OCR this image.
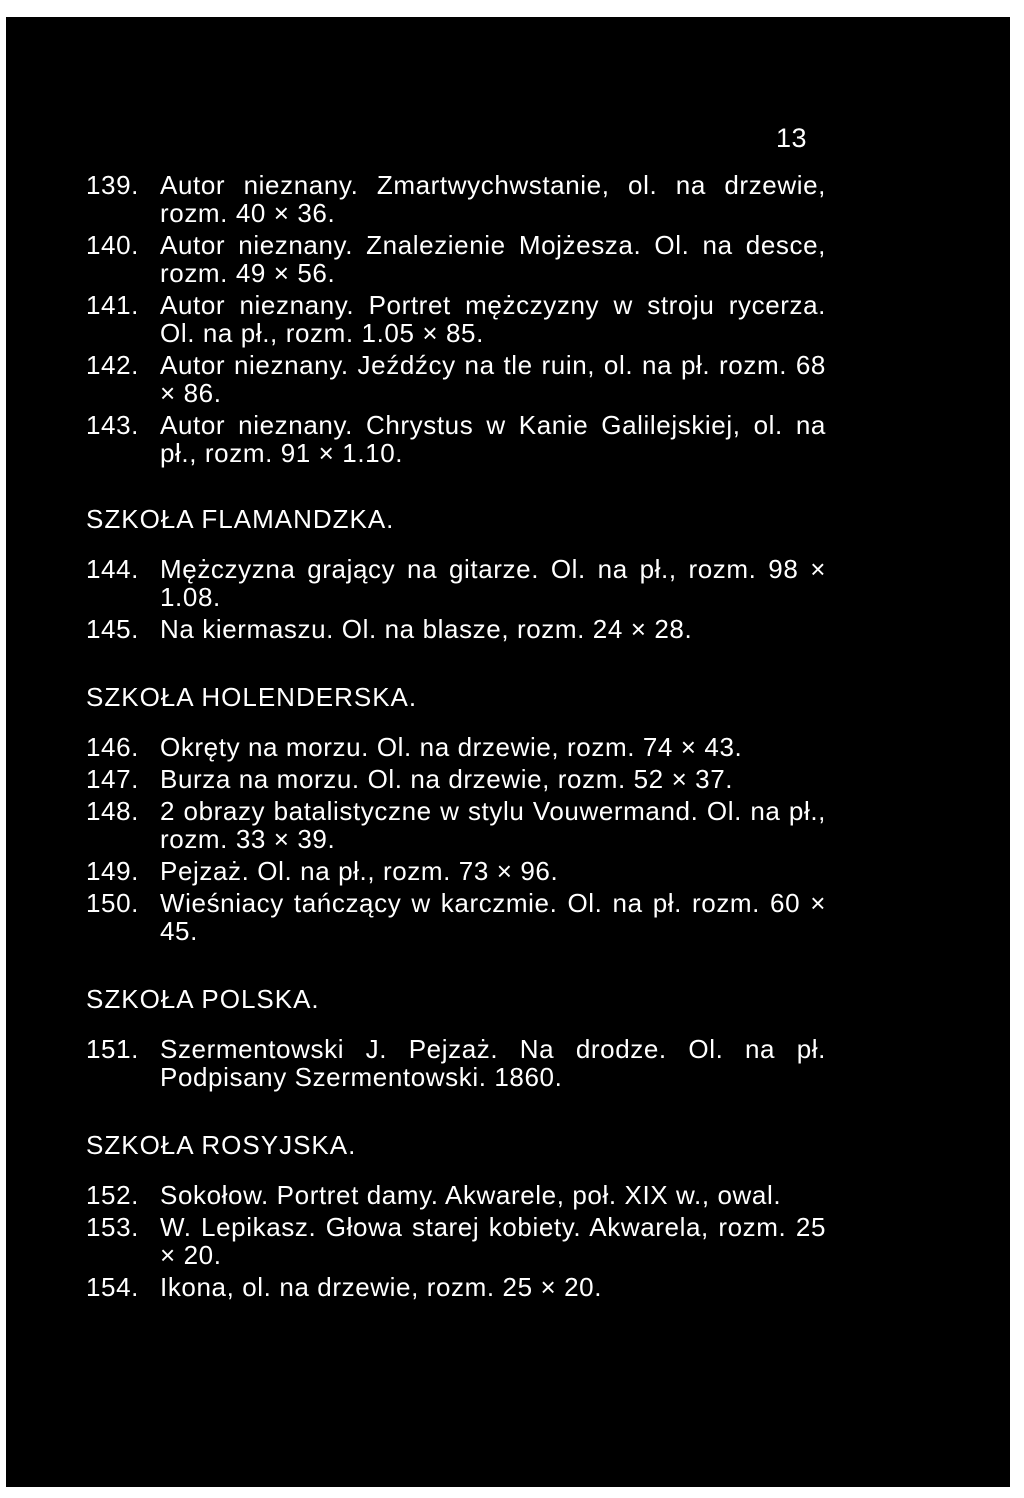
13
139. Autor nieznany. Zmartwychwstanie, ol. na drzewie, rozm. 40 × 36.
140. Autor nieznany. Znalezienie Mojżesza. Ol. na desce, rozm. 49 × 56.
141. Autor nieznany. Portret mężczyzny w stroju rycerza. Ol. na pł., rozm. 1.05 × 85.
142. Autor nieznany. Jeźdźcy na tle ruin, ol. na pł. rozm. 68 × 86.
143. Autor nieznany. Chrystus w Kanie Galilejskiej, ol. na pł., rozm. 91 × 1.10.
SZKOŁA FLAMANDZKA.
144. Mężczyzna grający na gitarze. Ol. na pł., rozm. 98 × 1.08.
145. Na kiermaszu. Ol. na blasze, rozm. 24 × 28.
SZKOŁA HOLENDERSKA.
146. Okręty na morzu. Ol. na drzewie, rozm. 74 × 43.
147. Burza na morzu. Ol. na drzewie, rozm. 52 × 37.
148. 2 obrazy batalistyczne w stylu Vouwermand. Ol. na pł., rozm. 33 × 39.
149. Pejzaż. Ol. na pł., rozm. 73 × 96.
150. Wieśniacy tańczący w karczmie. Ol. na pł. rozm. 60 × 45.
SZKOŁA POLSKA.
151. Szermentowski J. Pejzaż. Na drodze. Ol. na pł. Podpisany Szermentowski. 1860.
SZKOŁA ROSYJSKA.
152. Sokołow. Portret damy. Akwarele, poł. XIX w., owal.
153. W. Lepikasz. Głowa starej kobiety. Akwarela, rozm. 25 × 20.
154. Ikona, ol. na drzewie, rozm. 25 × 20.
